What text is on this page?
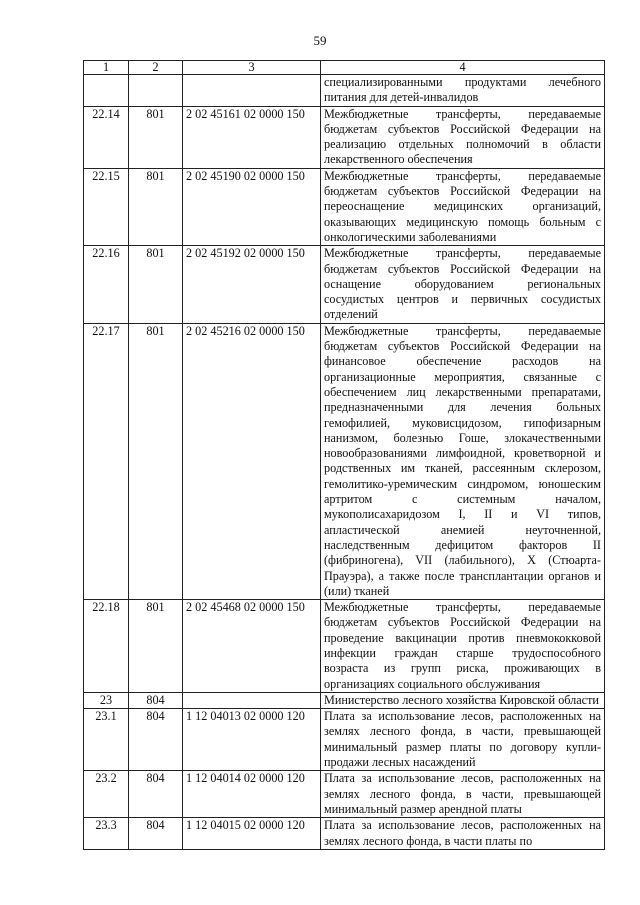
59
1	2	3	4
			специализированными продуктами лечебного питания для детей-инвалидов
22.14	801	2 02 45161 02 0000 150	Межбюджетные трансферты, передаваемые бюджетам субъектов Российской Федерации на реализацию отдельных полномочий в области лекарственного обеспечения
22.15	801	2 02 45190 02 0000 150	Межбюджетные трансферты, передаваемые бюджетам субъектов Российской Федерации на переоснащение медицинских организаций, оказывающих медицинскую помощь больным с онкологическими заболеваниями
22.16	801	2 02 45192 02 0000 150	Межбюджетные трансферты, передаваемые бюджетам субъектов Российской Федерации на оснащение оборудованием региональных сосудистых центров и первичных сосудистых отделений
22.17	801	2 02 45216 02 0000 150	Межбюджетные трансферты, передаваемые бюджетам субъектов Российской Федерации на финансовое обеспечение расходов на организационные мероприятия, связанные с обеспечением лиц лекарственными препаратами, предназначенными для лечения больных гемофилией, муковисцидозом, гипофизарным нанизмом, болезнью Гоше, злокачественными новообразованиями лимфоидной, кроветворной и родственных им тканей, рассеянным склерозом, гемолитико-уремическим синдромом, юношеским артритом с системным началом, мукополисахаридозом I, II и VI типов, апластической анемией неуточненной, наследственным дефицитом факторов II (фибриногена), VII (лабильного), X (Стюарта-Прауэра), а также после трансплантации органов и (или) тканей
22.18	801	2 02 45468 02 0000 150	Межбюджетные трансферты, передаваемые бюджетам субъектов Российской Федерации на проведение вакцинации против пневмококковой инфекции граждан старше трудоспособного возраста из групп риска, проживающих в организациях социального обслуживания
23	804		Министерство лесного хозяйства Кировской области
23.1	804	1 12 04013 02 0000 120	Плата за использование лесов, расположенных на землях лесного фонда, в части, превышающей минимальный размер платы по договору купли-продажи лесных насаждений
23.2	804	1 12 04014 02 0000 120	Плата за использование лесов, расположенных на землях лесного фонда, в части, превышающей минимальный размер арендной платы
23.3	804	1 12 04015 02 0000 120	Плата за использование лесов, расположенных на землях лесного фонда, в части платы по
